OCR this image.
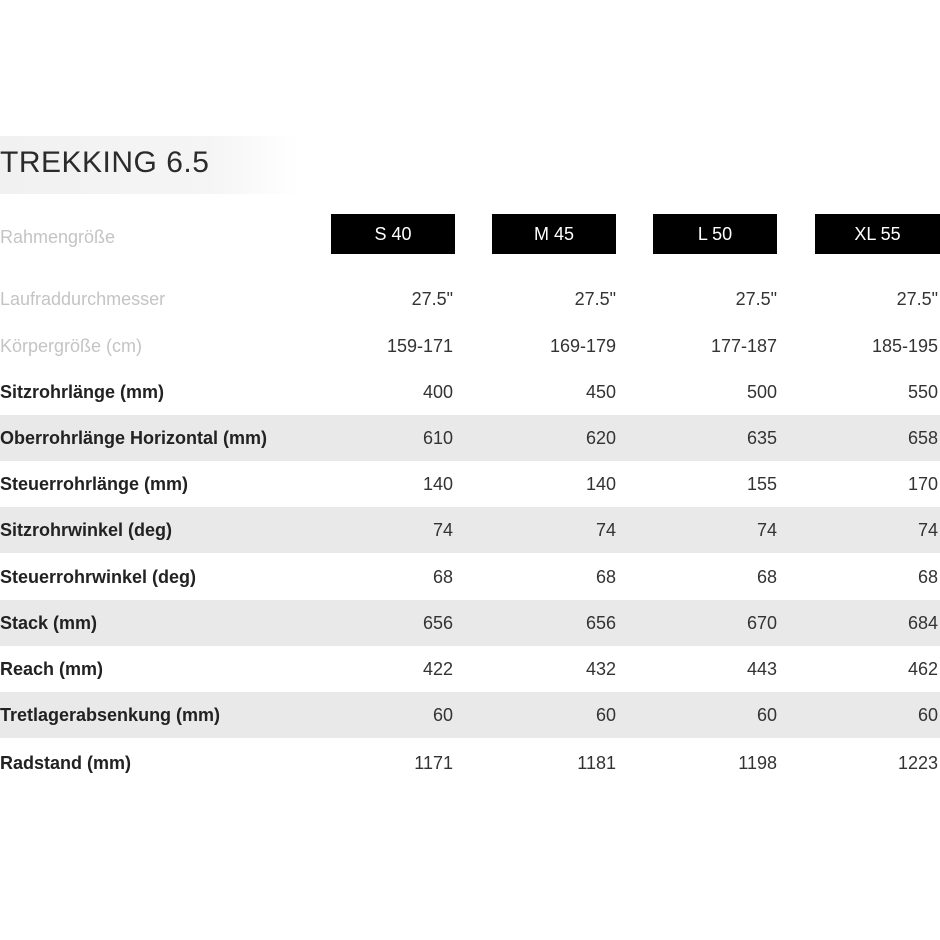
TREKKING 6.5
Rahmengröße	S 40	M 45	L 50	XL 55
Laufraddurchmesser	27.5"	27.5"	27.5"	27.5"
Körpergröße (cm)	159-171	169-179	177-187	185-195
Sitzrohrlänge (mm)	400	450	500	550
Oberrohrlänge Horizontal (mm)	610	620	635	658
Steuerrohrlänge (mm)	140	140	155	170
Sitzrohrwinkel (deg)	74	74	74	74
Steuerrohrwinkel (deg)	68	68	68	68
Stack (mm)	656	656	670	684
Reach (mm)	422	432	443	462
Tretlagerabsenkung (mm)	60	60	60	60
Radstand (mm)	1171	1181	1198	1223
